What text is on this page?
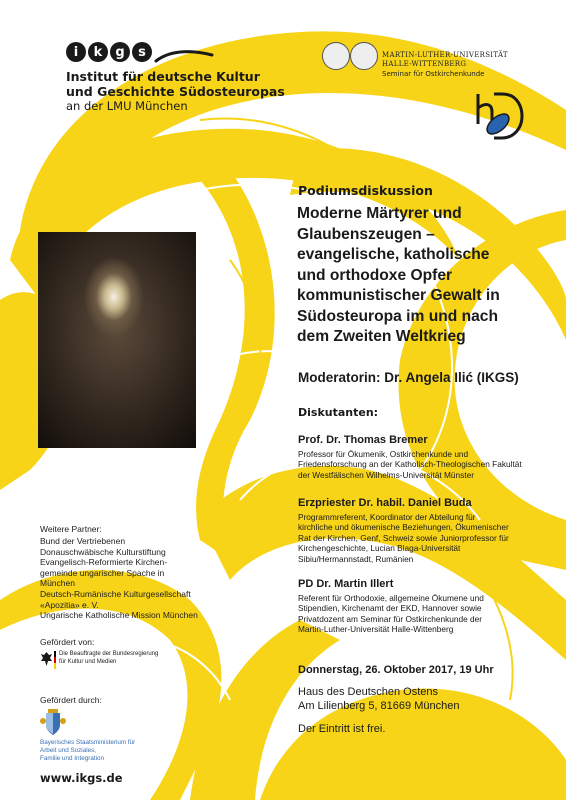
i	k	g	s
Institut für deutsche Kultur
und Geschichte Südosteuropas
an der LMU München
MARTIN-LUTHER-UNIVERSITÄT
HALLE-WITTENBERG
Seminar für Ostkirchenkunde
Podiumsdiskussion
Moderne Märtyrer und
Glaubenszeugen –
evangelische, katholische
und orthodoxe Opfer
kommunistischer Gewalt in
Südosteuropa im und nach
dem Zweiten Weltkrieg
Moderatorin: Dr. Angela Ilić (IKGS)
Diskutanten:
Prof. Dr. Thomas Bremer
Professor für Ökumenik, Ostkirchenkunde und
Friedensforschung an der Katholisch-Theologischen Fakultät
der Westfälischen Wilhelms-Universität Münster
Erzpriester Dr. habil. Daniel Buda
Programmreferent, Koordinator der Abteilung für
kirchliche und ökumenische Beziehungen, Ökumenischer
Rat der Kirchen, Genf, Schweiz sowie Juniorprofessor für
Kirchengeschichte, Lucian Blaga-Universität
Sibiu/Hermannstadt, Rumänien
PD Dr. Martin Illert
Referent für Orthodoxie, allgemeine Ökumene und
Stipendien, Kirchenamt der EKD, Hannover sowie
Privatdozent am Seminar für Ostkirchenkunde der
Martin-Luther-Universität Halle-Wittenberg
Donnerstag, 26. Oktober 2017, 19 Uhr
Haus des Deutschen Ostens
Am Lilienberg 5, 81669 München
Der Eintritt ist frei.
Weitere Partner:
Bund der Vertriebenen
Donauschwäbische Kulturstiftung
Evangelisch-Reformierte Kirchen-
gemeinde ungarischer Spache in
München
Deutsch-Rumänische Kulturgesellschaft
«Apozitia» e. V.
Ungarische Katholische Mission München
Gefördert von:
Die Beauftragte der Bundesregierung
für Kultur und Medien
Gefördert durch:
Bayerisches Staatsministerium für
Arbeit und Soziales,
Familie und Integration
www.ikgs.de
